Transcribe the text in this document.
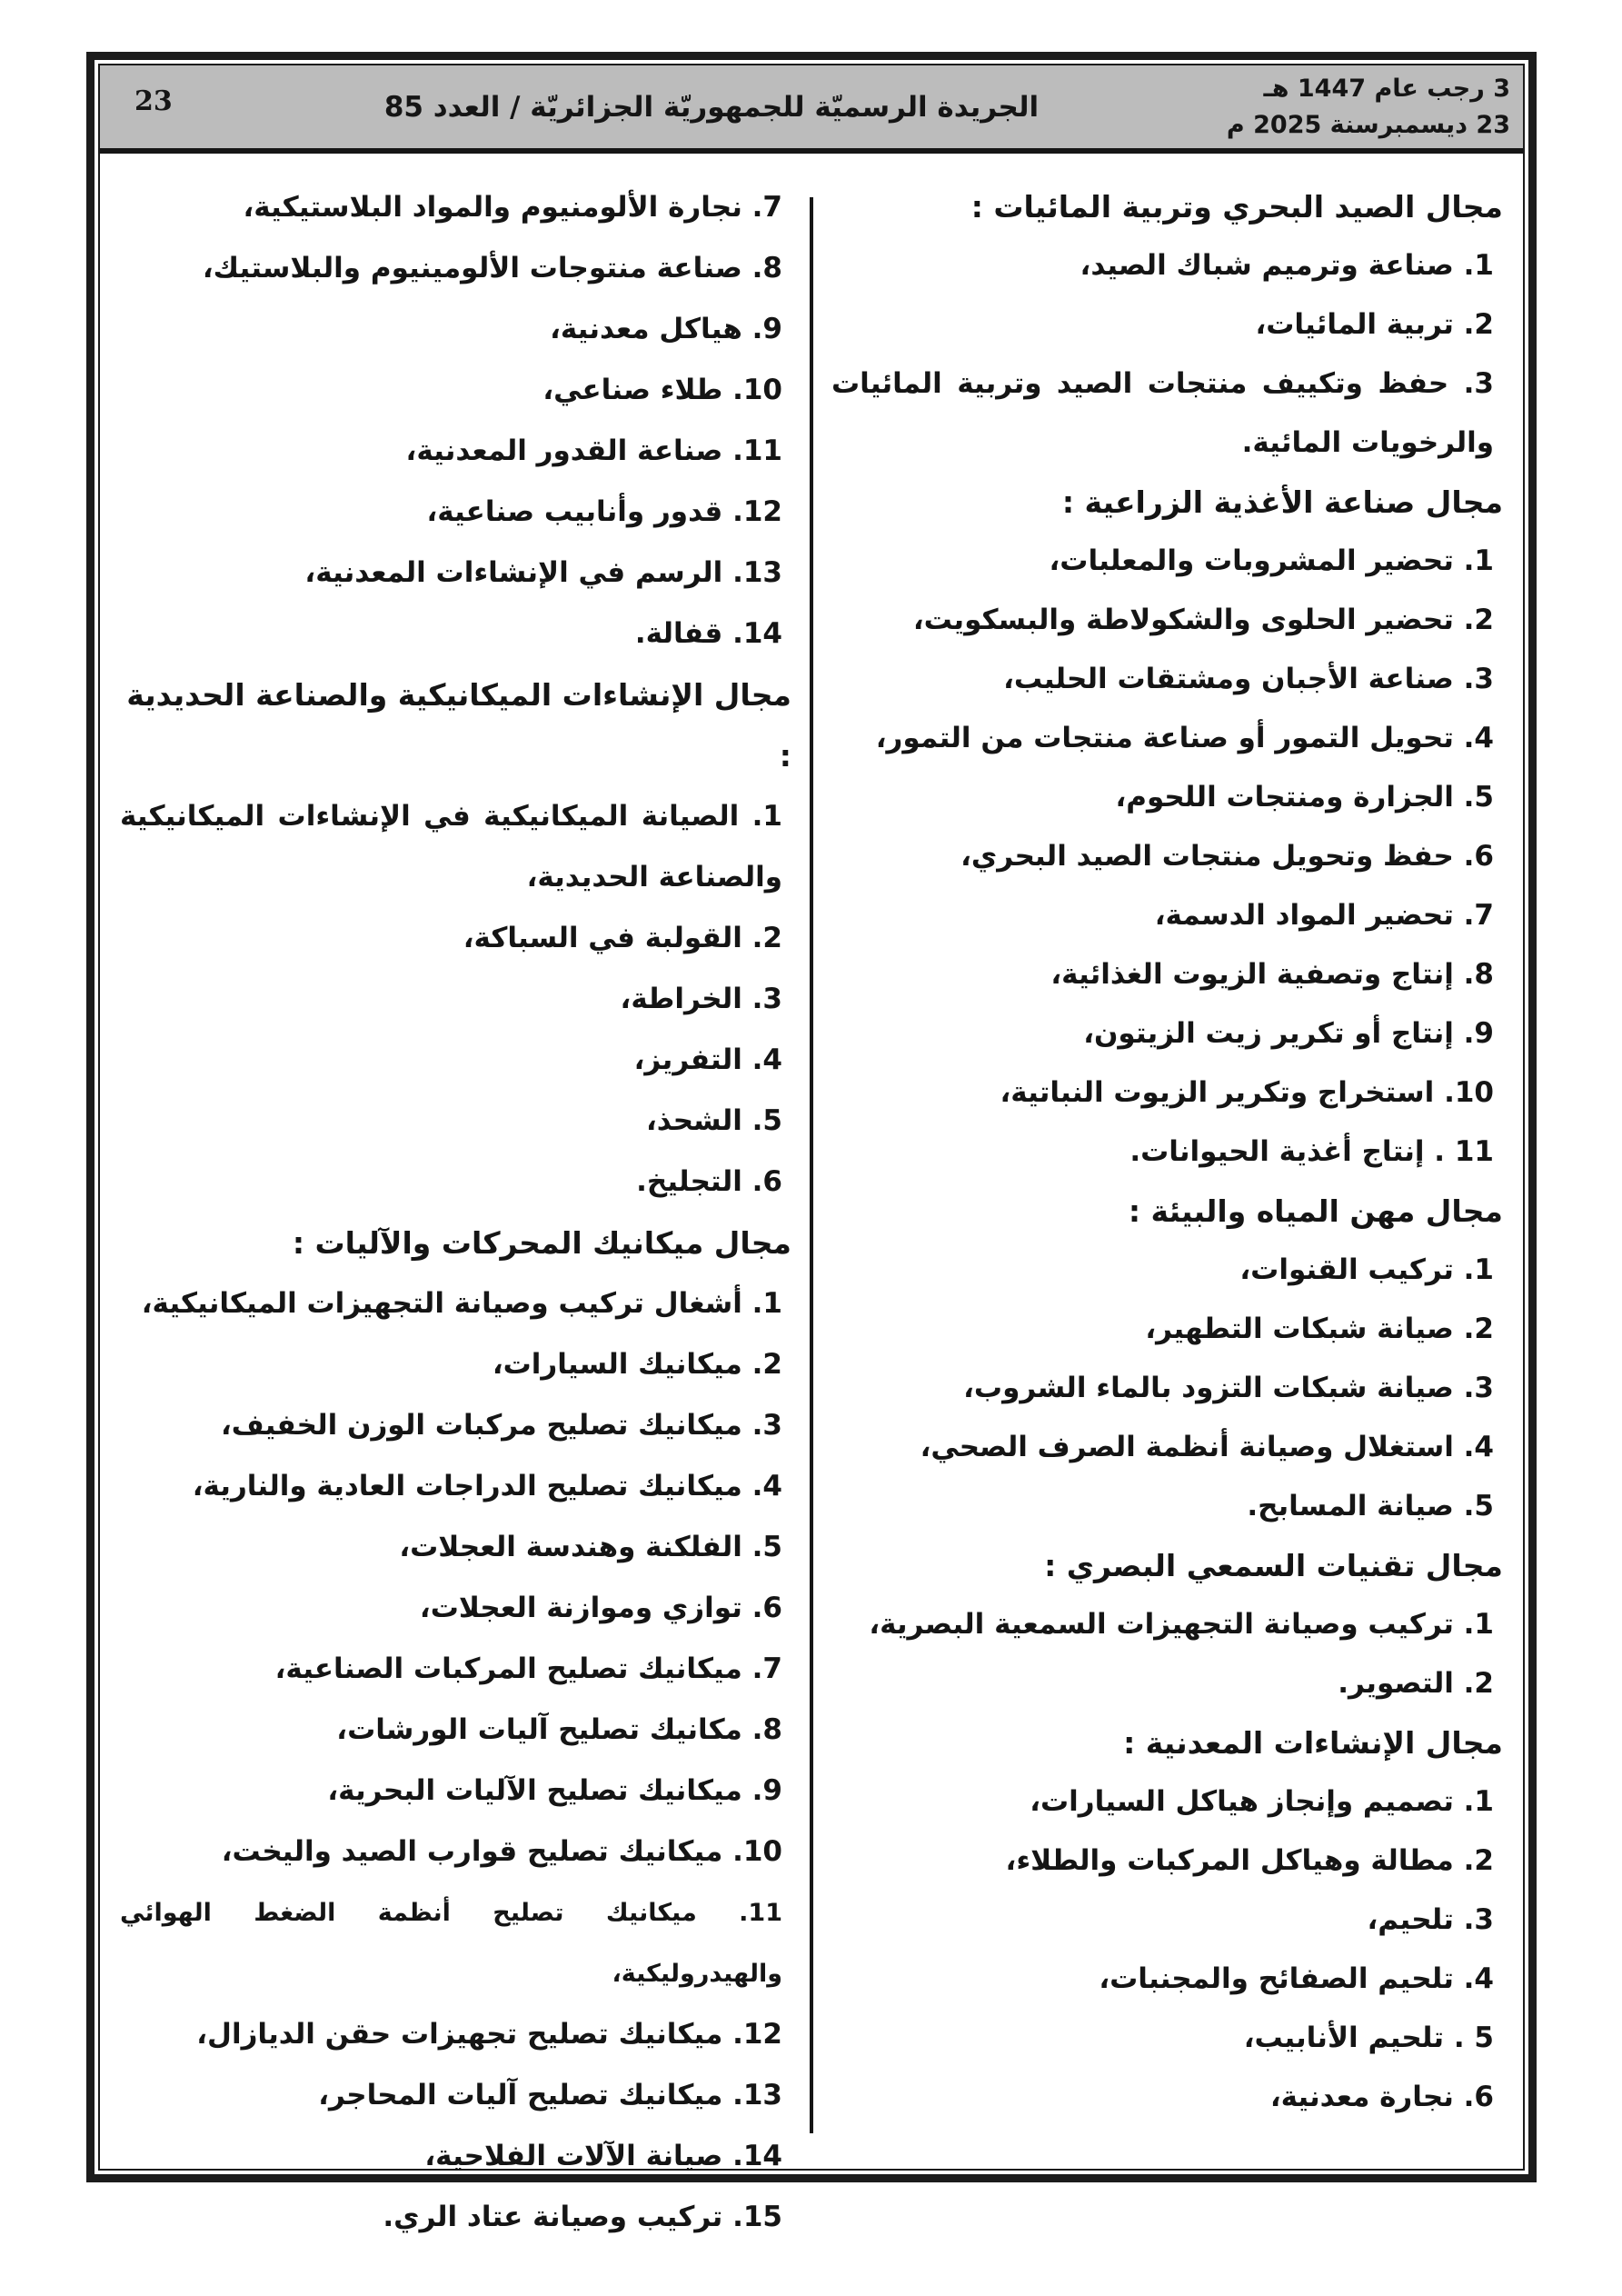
3 رجب عام 1447 هـ
23 ديسمبرسنة 2025 م
الجريدة الرسميّة للجمهوريّة الجزائريّة / العدد 85
23
مجال الصيد البحري وتربية المائيات :
1. صناعة وترميم شباك الصيد،
2. تربية المائيات،
3. حفظ وتكييف منتجات الصيد وتربية المائيات والرخويات المائية.
مجال صناعة الأغذية الزراعية :
1. تحضير المشروبات والمعلبات،
2. تحضير الحلوى والشكولاطة والبسكويت،
3. صناعة الأجبان ومشتقات الحليب،
4. تحويل التمور أو صناعة منتجات من التمور،
5. الجزارة ومنتجات اللحوم،
6. حفظ وتحويل منتجات الصيد البحري،
7. تحضير المواد الدسمة،
8. إنتاج وتصفية الزيوت الغذائية،
9. إنتاج أو تكرير زيت الزيتون،
10. استخراج وتكرير الزيوت النباتية،
11 . إنتاج أغذية الحيوانات.
مجال مهن المياه والبيئة :
1. تركيب القنوات،
2. صيانة شبكات التطهير،
3. صيانة شبكات التزود بالماء الشروب،
4. استغلال وصيانة أنظمة الصرف الصحي،
5. صيانة المسابح.
مجال تقنيات السمعي البصري :
1. تركيب وصيانة التجهيزات السمعية البصرية،
2. التصوير.
مجال الإنشاءات المعدنية :
1. تصميم وإنجاز هياكل السيارات،
2. مطالة وهياكل المركبات والطلاء،
3. تلحيم،
4. تلحيم الصفائح والمجنبات،
5 . تلحيم الأنابيب،
6. نجارة معدنية،
7. نجارة الألومنيوم والمواد البلاستيكية،
8. صناعة منتوجات الألومينيوم والبلاستيك،
9. هياكل معدنية،
10. طلاء صناعي،
11. صناعة القدور المعدنية،
12. قدور وأنابيب صناعية،
13. الرسم في الإنشاءات المعدنية،
14. قفالة.
مجال الإنشاءات الميكانيكية والصناعة الحديدية :
1. الصيانة الميكانيكية في الإنشاءات الميكانيكية والصناعة الحديدية،
2. القولبة في السباكة،
3. الخراطة،
4. التفريز،
5. الشحذ،
6. التجليخ.
مجال ميكانيك المحركات والآليات :
1. أشغال تركيب وصيانة التجهيزات الميكانيكية،
2. ميكانيك السيارات،
3. ميكانيك تصليح مركبات الوزن الخفيف،
4. ميكانيك تصليح الدراجات العادية والنارية،
5. الفلكنة وهندسة العجلات،
6. توازي وموازنة العجلات،
7. ميكانيك تصليح المركبات الصناعية،
8. مكانيك تصليح آليات الورشات،
9. ميكانيك تصليح الآليات البحرية،
10. ميكانيك تصليح قوارب الصيد واليخت،
11. ميكانيك تصليح أنظمة الضغط الهوائي والهيدروليكية،
12. ميكانيك تصليح تجهيزات حقن الديازال،
13. ميكانيك تصليح آليات المحاجر،
14. صيانة الآلات الفلاحية،
15. تركيب وصيانة عتاد الري.
